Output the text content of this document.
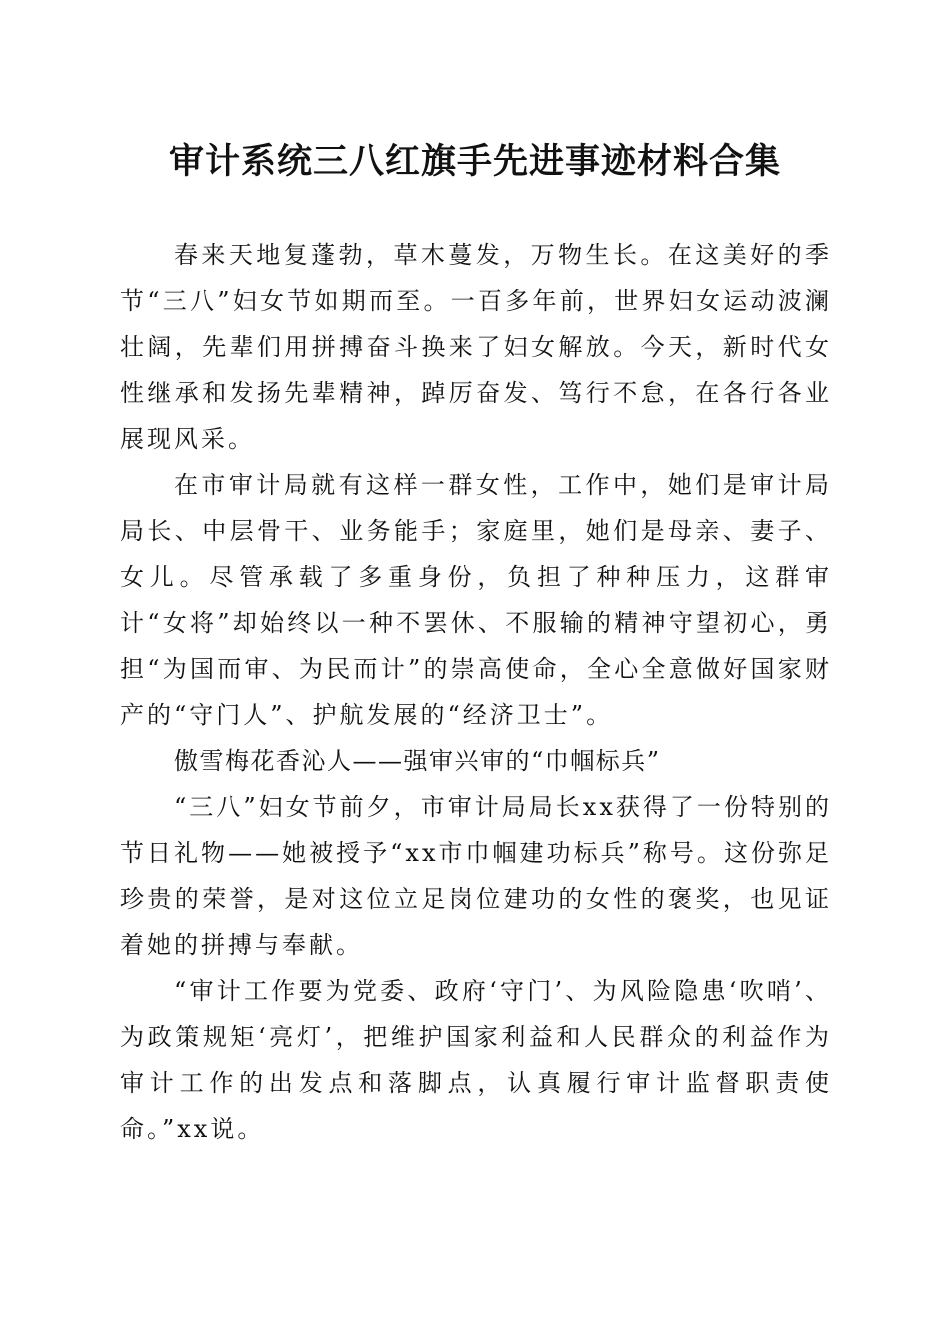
审计系统三八红旗手先进事迹材料合集

春来天地复蓬勃，草木蔓发，万物生长。在这美好的季节“三八”妇女节如期而至。一百多年前，世界妇女运动波澜壮阔，先辈们用拼搏奋斗换来了妇女解放。今天，新时代女性继承和发扬先辈精神，踔厉奋发、笃行不怠，在各行各业展现风采。

在市审计局就有这样一群女性，工作中，她们是审计局局长、中层骨干、业务能手；家庭里，她们是母亲、妻子、女儿。尽管承载了多重身份，负担了种种压力，这群审计“女将”却始终以一种不罢休、不服输的精神守望初心，勇担“为国而审、为民而计”的崇高使命，全心全意做好国家财产的“守门人”、护航发展的“经济卫士”。

傲雪梅花香沁人——强审兴审的“巾帼标兵”

“三八”妇女节前夕，市审计局局长xx获得了一份特别的节日礼物——她被授予“xx市巾帼建功标兵”称号。这份弥足珍贵的荣誉，是对这位立足岗位建功的女性的褒奖，也见证着她的拼搏与奉献。

“审计工作要为党委、政府‘守门’、为风险隐患‘吹哨’、为政策规矩‘亮灯’，把维护国家利益和人民群众的利益作为审计工作的出发点和落脚点，认真履行审计监督职责使命。”xx说。
